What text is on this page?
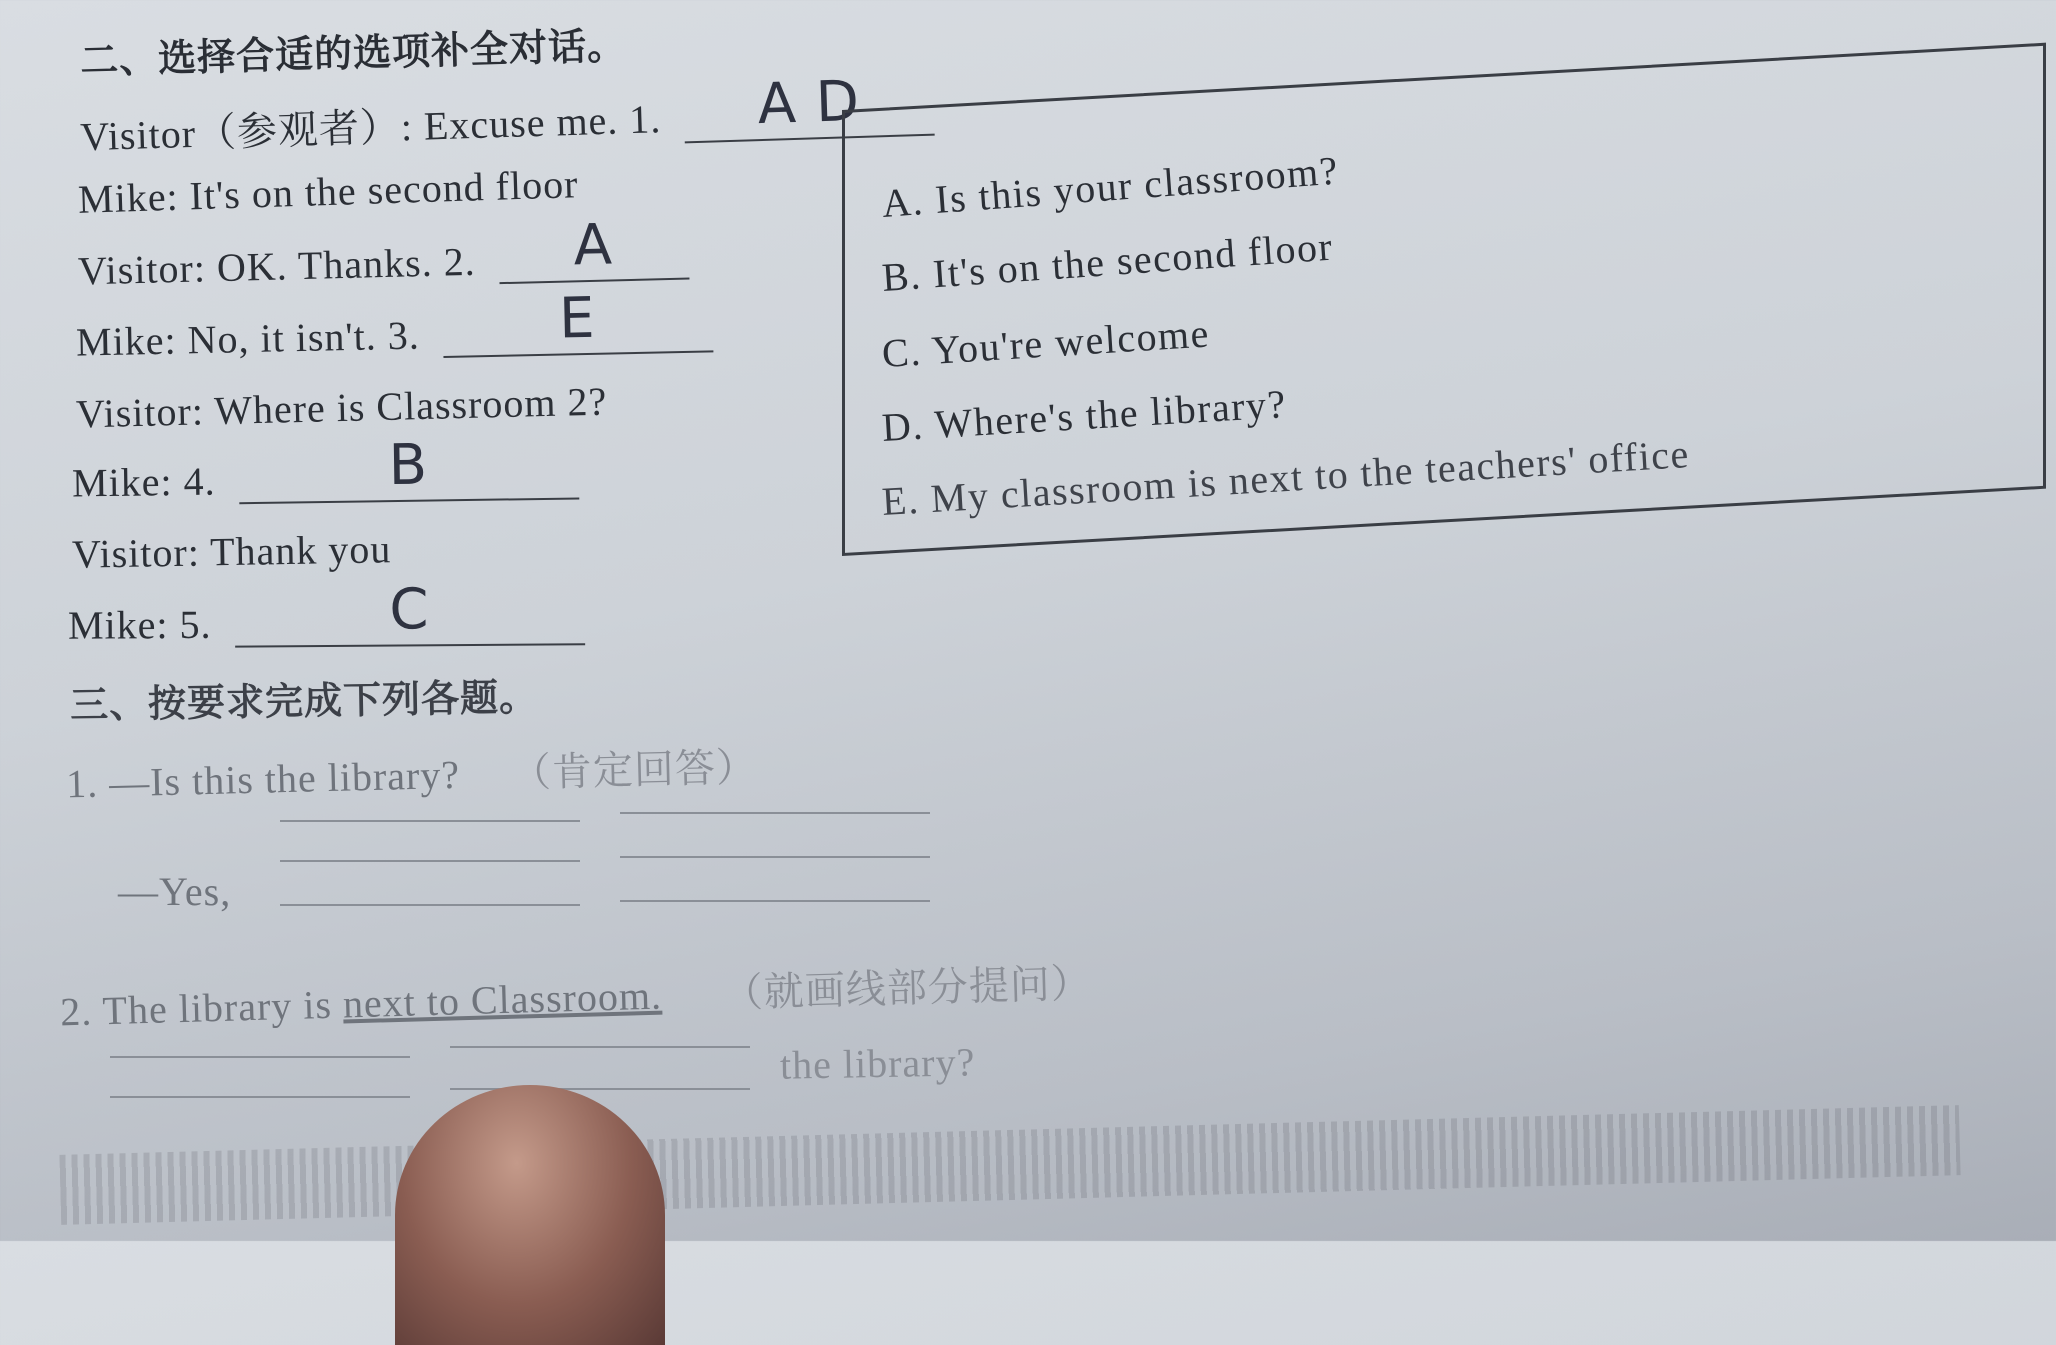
二、选择合适的选项补全对话。
Visitor（参观者）: Excuse me. 1. A D
Mike: It's on the second floor
Visitor: OK. Thanks. 2. A
Mike: No, it isn't. 3. E
Visitor: Where is Classroom 2?
Mike: 4.	B
Visitor: Thank you
Mike: 5.	C
A. Is this your classroom?
B. It's on the second floor
C. You're welcome
D. Where's the library?
E. My classroom is next to the teachers' office
三、按要求完成下列各题。
1. —Is this the library? （肯定回答）
—Yes,
2. The library is next to Classroom. （就画线部分提问）
the library?
